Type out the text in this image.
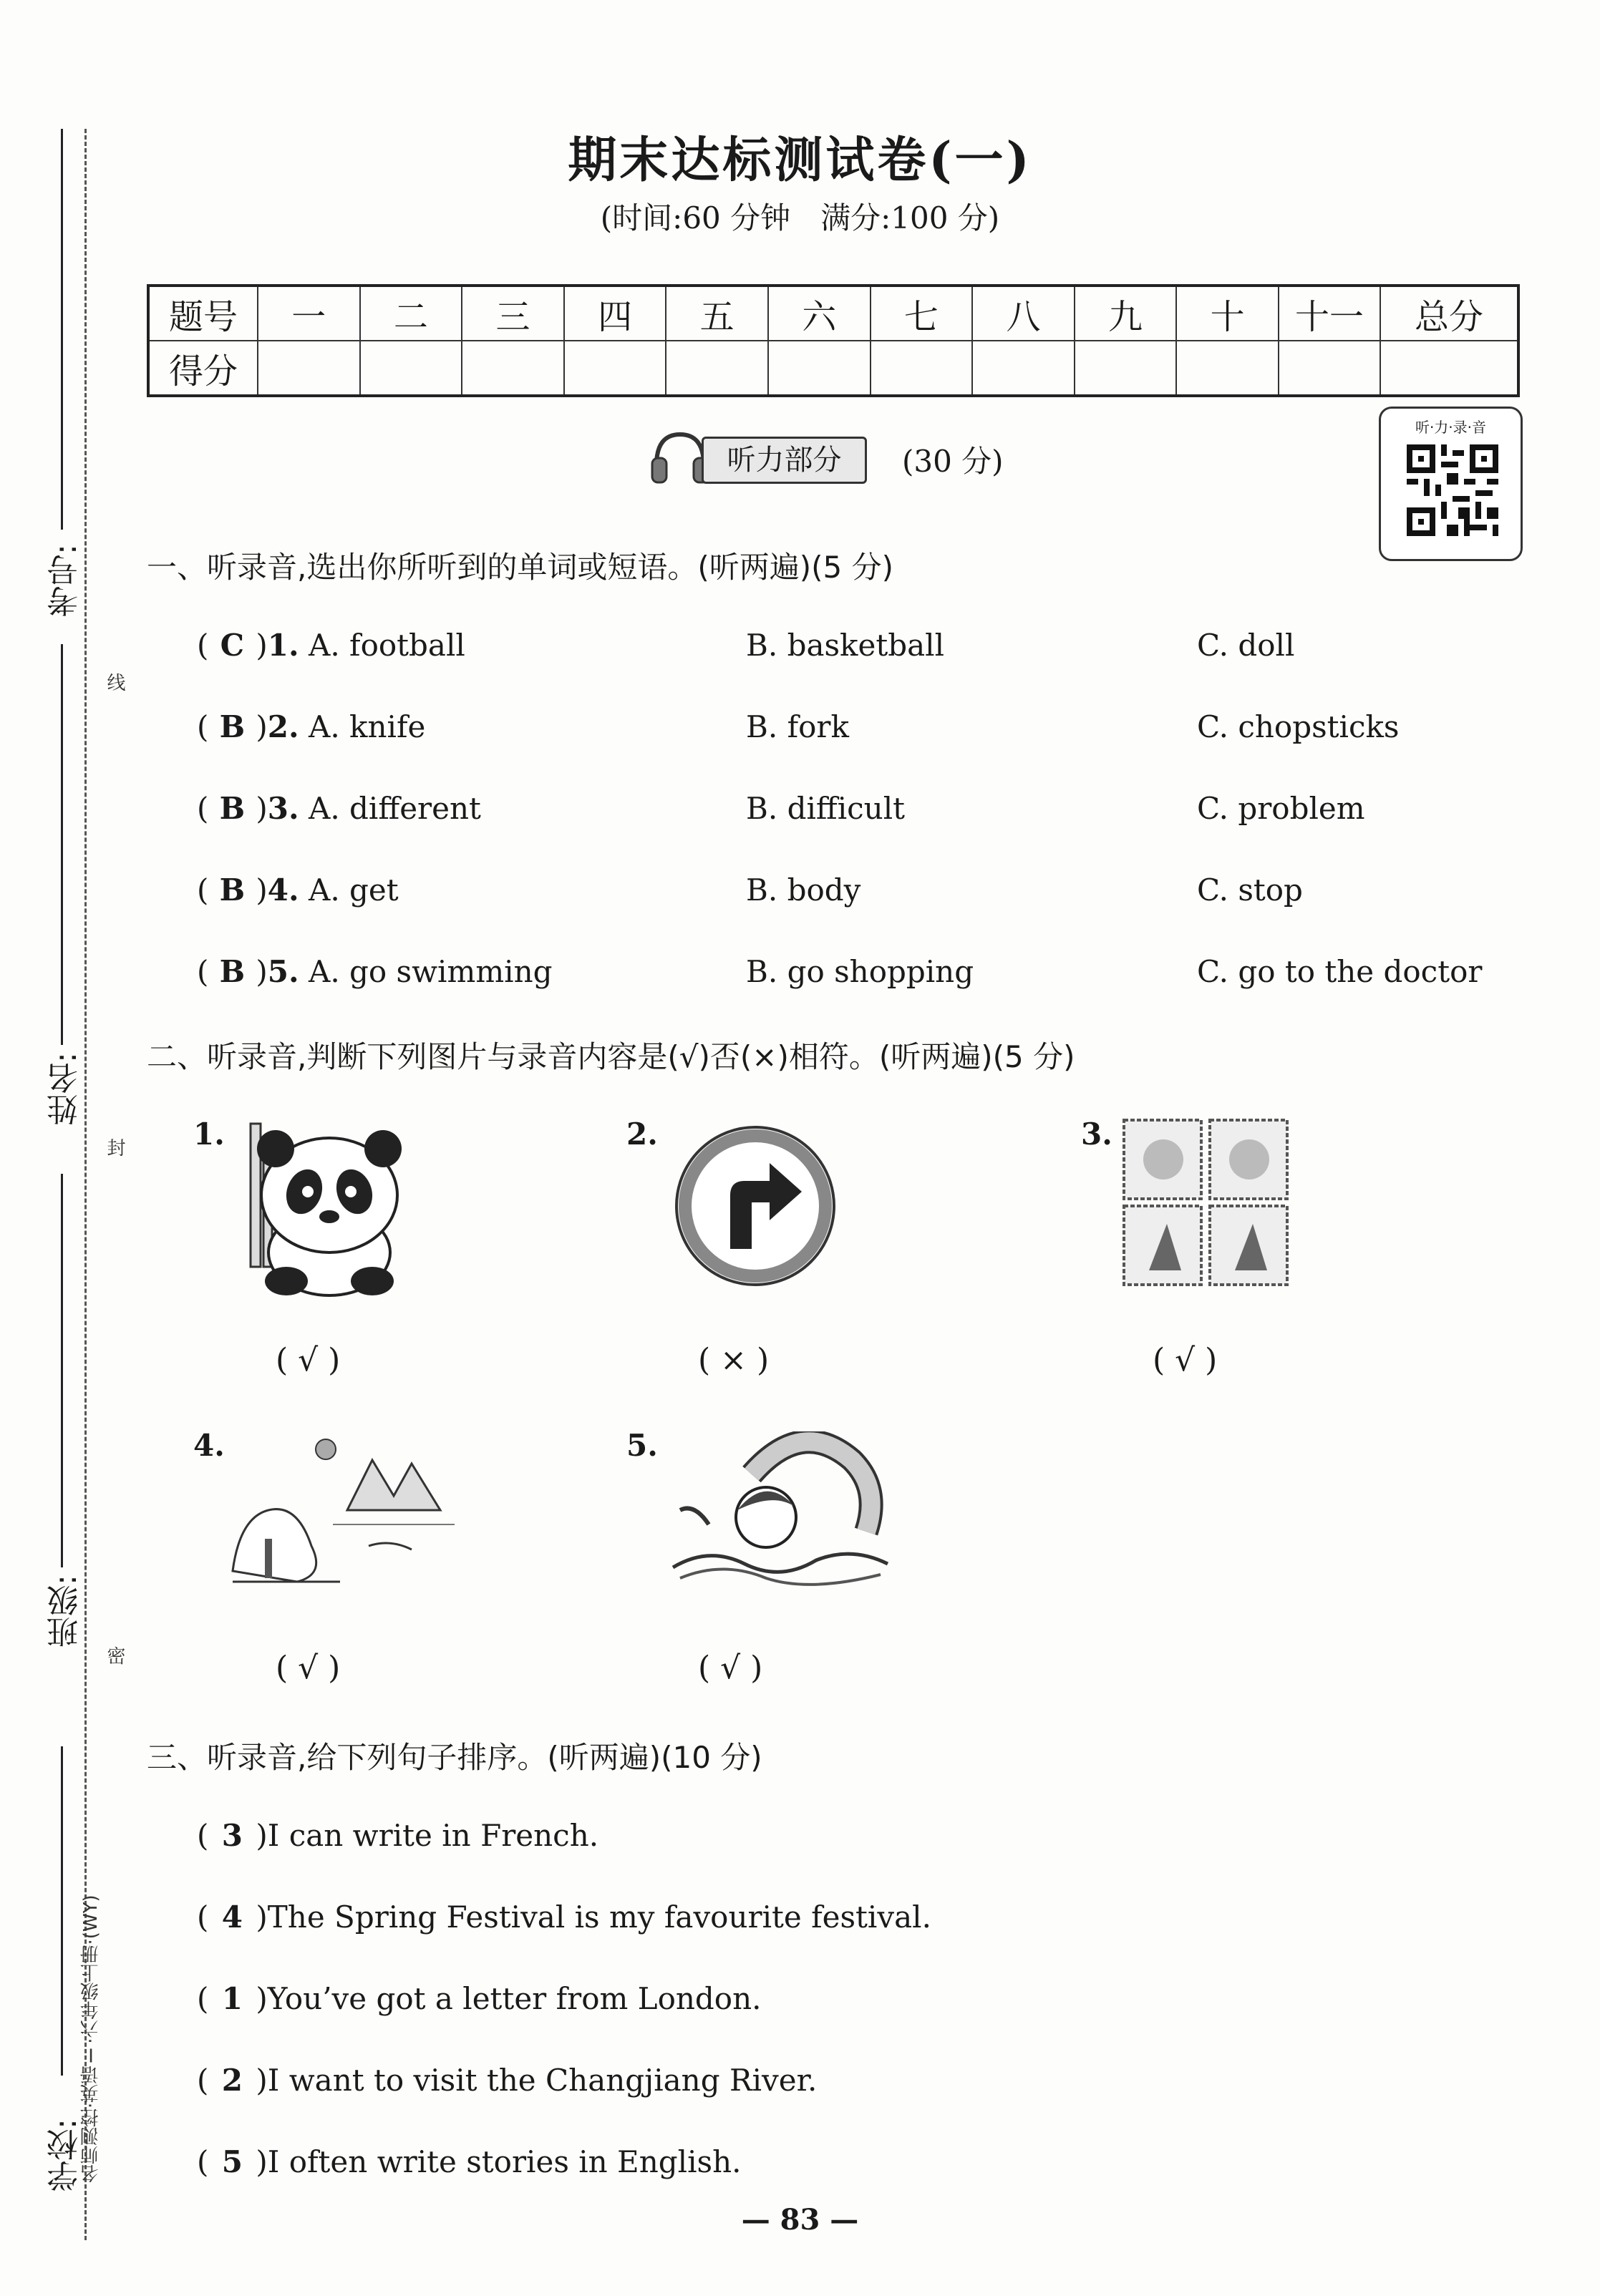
考号:
姓名:
班级:
学校:
名师测控·英语Ⅰ·六年级上册·(WY)
线
封
密
期末达标测试卷(一)
(时间:60 分钟　满分:100 分)
题号	一	二	三	四	五	六	七	八	九	十	十一	总分
得分												
听力部分	(30 分)
听·力·录·音
一、听录音,选出你所听到的单词或短语。(听两遍)(5 分)
( C )1. A. football	B. basketball	C. doll
( B )2. A. knife	B. fork	C. chopsticks
( B )3. A. different	B. difficult	C. problem
( B )4. A. get	B. body	C. stop
( B )5. A. go swimming	B. go shopping	C. go to the doctor
二、听录音,判断下列图片与录音内容是(√)否(×)相符。(听两遍)(5 分)
1.
( √ )
2.
( × )
3.
( √ )
4.
( √ )
5.
( √ )
三、听录音,给下列句子排序。(听两遍)(10 分)
( 3 )I can write in French.
( 4 )The Spring Festival is my favourite festival.
( 1 )You’ve got a letter from London.
( 2 )I want to visit the Changjiang River.
( 5 )I often write stories in English.
— 83 —
